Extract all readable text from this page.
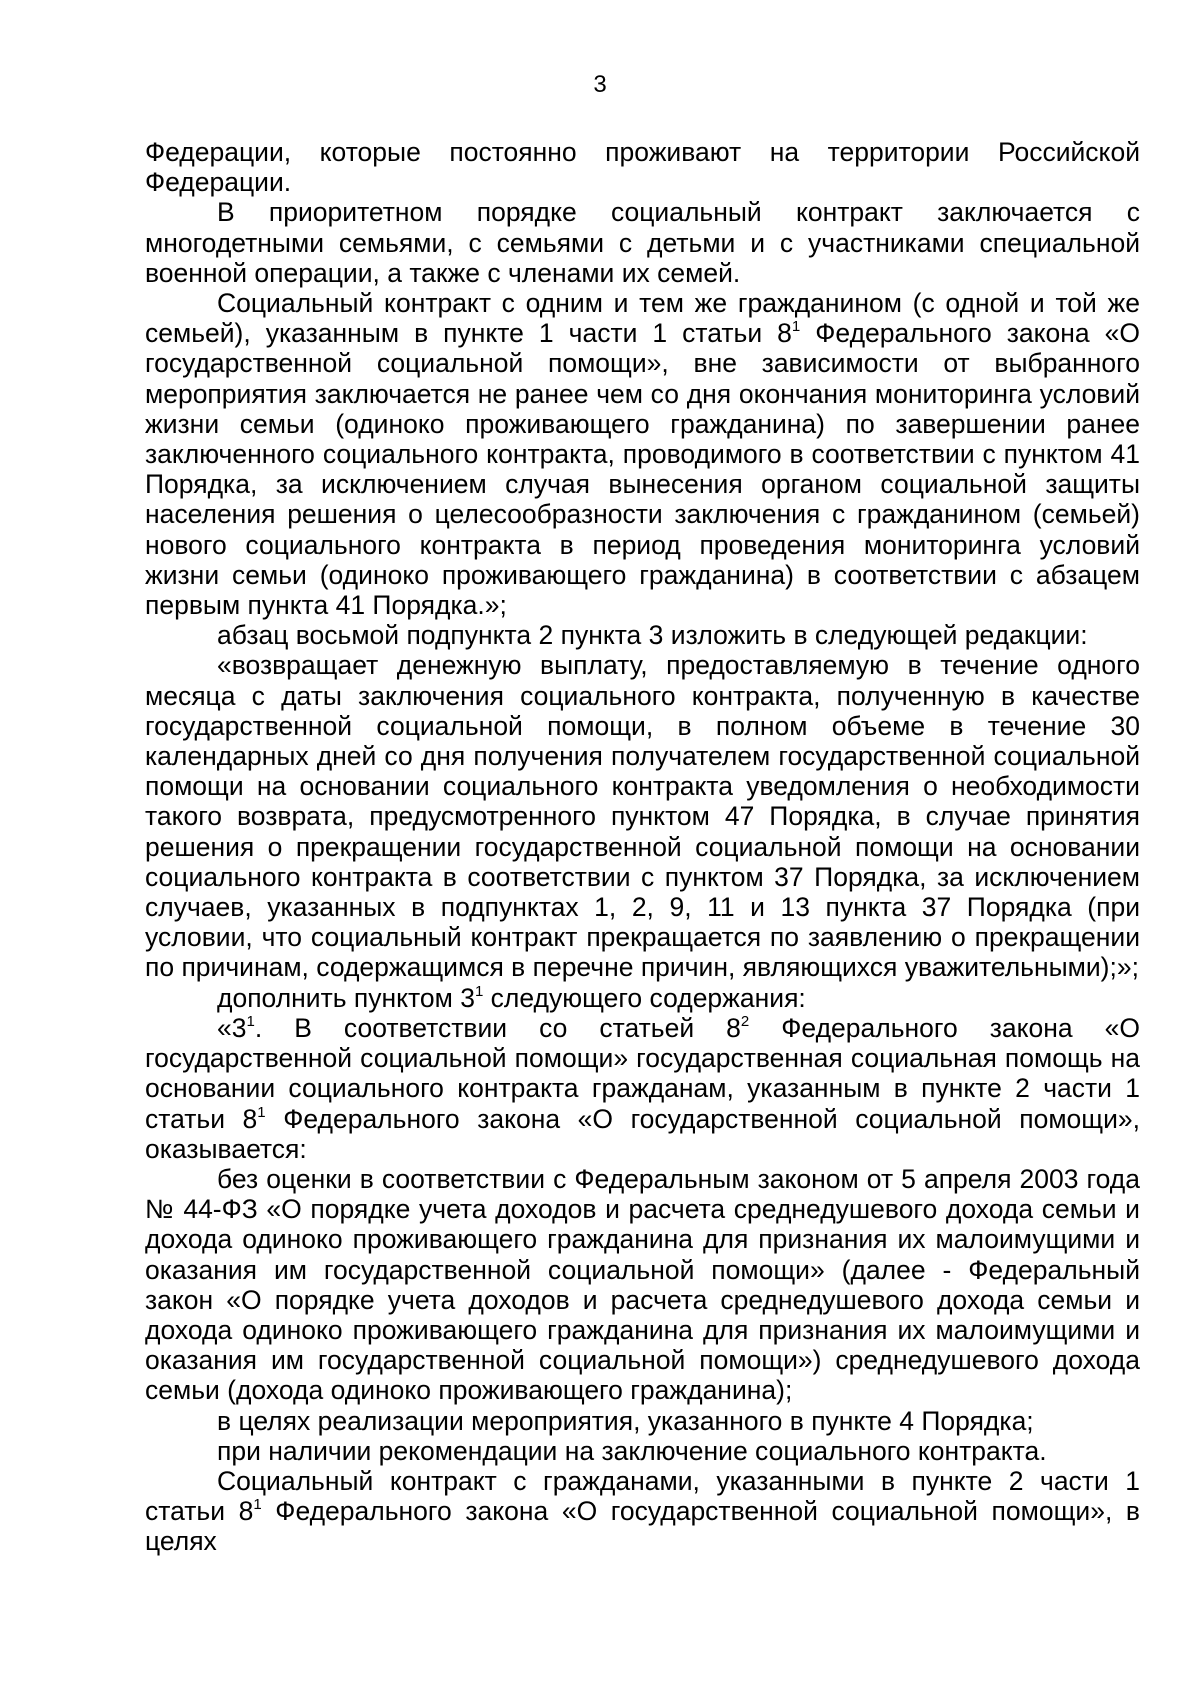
3

Федерации, которые постоянно проживают на территории Российской Федерации.

В приоритетном порядке социальный контракт заключается с многодетными семьями, с семьями с детьми и с участниками специальной военной операции, а также с членами их семей.

Социальный контракт с одним и тем же гражданином (с одной и той же семьей), указанным в пункте 1 части 1 статьи $8^1$ Федерального закона «О государственной социальной помощи», вне зависимости от выбранного мероприятия заключается не ранее чем со дня окончания мониторинга условий жизни семьи (одиноко проживающего гражданина) по завершении ранее заключенного социального контракта, проводимого в соответствии с пунктом 41 Порядка, за исключением случая вынесения органом социальной защиты населения решения о целесообразности заключения с гражданином (семьей) нового социального контракта в период проведения мониторинга условий жизни семьи (одиноко проживающего гражданина) в соответствии с абзацем первым пункта 41 Порядка.»;

абзац восьмой подпункта 2 пункта 3 изложить в следующей редакции:

«возвращает денежную выплату, предоставляемую в течение одного месяца с даты заключения социального контракта, полученную в качестве государственной социальной помощи, в полном объеме в течение 30 календарных дней со дня получения получателем государственной социальной помощи на основании социального контракта уведомления о необходимости такого возврата, предусмотренного пунктом 47 Порядка, в случае принятия решения о прекращении государственной социальной помощи на основании социального контракта в соответствии с пунктом 37 Порядка, за исключением случаев, указанных в подпунктах 1, 2, 9, 11 и 13 пункта 37 Порядка (при условии, что социальный контракт прекращается по заявлению о прекращении по причинам, содержащимся в перечне причин, являющихся уважительными);»;

дополнить пунктом $3^1$ следующего содержания:

«$3^1$. В соответствии со статьей $8^2$ Федерального закона «О государственной социальной помощи» государственная социальная помощь на основании социального контракта гражданам, указанным в пункте 2 части 1 статьи $8^1$ Федерального закона «О государственной социальной помощи», оказывается:

без оценки в соответствии с Федеральным законом от 5 апреля 2003 года № 44-ФЗ «О порядке учета доходов и расчета среднедушевого дохода семьи и дохода одиноко проживающего гражданина для признания их малоимущими и оказания им государственной социальной помощи» (далее - Федеральный закон «О порядке учета доходов и расчета среднедушевого дохода семьи и дохода одиноко проживающего гражданина для признания их малоимущими и оказания им государственной социальной помощи») среднедушевого дохода семьи (дохода одиноко проживающего гражданина);

в целях реализации мероприятия, указанного в пункте 4 Порядка;

при наличии рекомендации на заключение социального контракта.

Социальный контракт с гражданами, указанными в пункте 2 части 1 статьи $8^1$ Федерального закона «О государственной социальной помощи», в целях
